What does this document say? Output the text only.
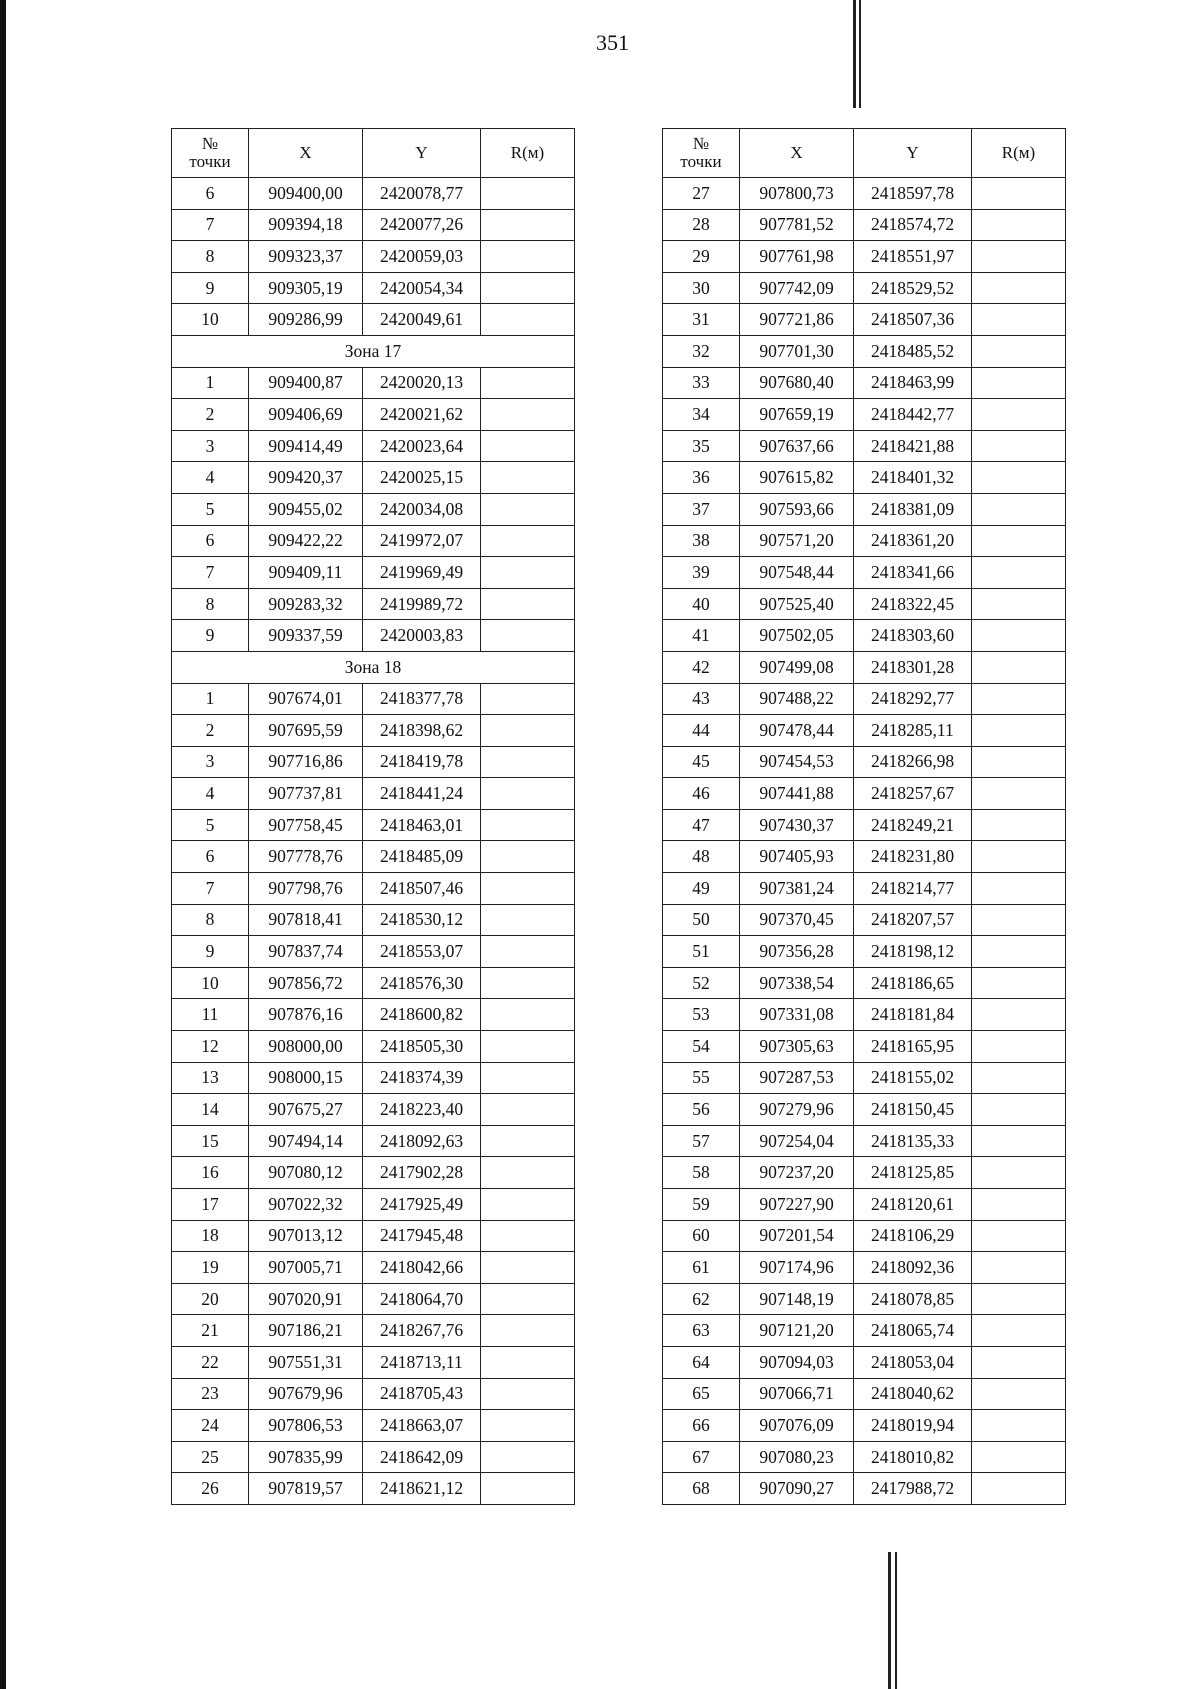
351
№
точки	X	Y	R(м)
6	909400,00	2420078,77	
7	909394,18	2420077,26	
8	909323,37	2420059,03	
9	909305,19	2420054,34	
10	909286,99	2420049,61	
Зона 17			
1	909400,87	2420020,13	
2	909406,69	2420021,62	
3	909414,49	2420023,64	
4	909420,37	2420025,15	
5	909455,02	2420034,08	
6	909422,22	2419972,07	
7	909409,11	2419969,49	
8	909283,32	2419989,72	
9	909337,59	2420003,83	
Зона 18			
1	907674,01	2418377,78	
2	907695,59	2418398,62	
3	907716,86	2418419,78	
4	907737,81	2418441,24	
5	907758,45	2418463,01	
6	907778,76	2418485,09	
7	907798,76	2418507,46	
8	907818,41	2418530,12	
9	907837,74	2418553,07	
10	907856,72	2418576,30	
11	907876,16	2418600,82	
12	908000,00	2418505,30	
13	908000,15	2418374,39	
14	907675,27	2418223,40	
15	907494,14	2418092,63	
16	907080,12	2417902,28	
17	907022,32	2417925,49	
18	907013,12	2417945,48	
19	907005,71	2418042,66	
20	907020,91	2418064,70	
21	907186,21	2418267,76	
22	907551,31	2418713,11	
23	907679,96	2418705,43	
24	907806,53	2418663,07	
25	907835,99	2418642,09	
26	907819,57	2418621,12	
№
точки	X	Y	R(м)
27	907800,73	2418597,78	
28	907781,52	2418574,72	
29	907761,98	2418551,97	
30	907742,09	2418529,52	
31	907721,86	2418507,36	
32	907701,30	2418485,52	
33	907680,40	2418463,99	
34	907659,19	2418442,77	
35	907637,66	2418421,88	
36	907615,82	2418401,32	
37	907593,66	2418381,09	
38	907571,20	2418361,20	
39	907548,44	2418341,66	
40	907525,40	2418322,45	
41	907502,05	2418303,60	
42	907499,08	2418301,28	
43	907488,22	2418292,77	
44	907478,44	2418285,11	
45	907454,53	2418266,98	
46	907441,88	2418257,67	
47	907430,37	2418249,21	
48	907405,93	2418231,80	
49	907381,24	2418214,77	
50	907370,45	2418207,57	
51	907356,28	2418198,12	
52	907338,54	2418186,65	
53	907331,08	2418181,84	
54	907305,63	2418165,95	
55	907287,53	2418155,02	
56	907279,96	2418150,45	
57	907254,04	2418135,33	
58	907237,20	2418125,85	
59	907227,90	2418120,61	
60	907201,54	2418106,29	
61	907174,96	2418092,36	
62	907148,19	2418078,85	
63	907121,20	2418065,74	
64	907094,03	2418053,04	
65	907066,71	2418040,62	
66	907076,09	2418019,94	
67	907080,23	2418010,82	
68	907090,27	2417988,72	
